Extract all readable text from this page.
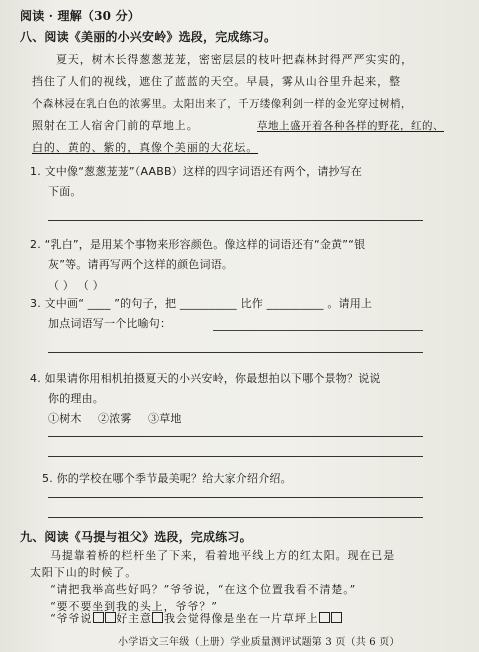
阅读 · 理解（30 分）
八、阅读《美丽的小兴安岭》选段，完成练习。
夏天，树木长得葱葱茏茏，密密层层的枝叶把森林封得严严实实的，
挡住了人们的视线，遮住了蓝蓝的天空。早晨，雾从山谷里升起来，整
个森林浸在乳白色的浓雾里。太阳出来了，千万缕像利剑一样的金光穿过树梢，
照射在工人宿舍门前的草地上。	草地上盛开着各种各样的野花，红的、
白的、黄的、紫的，真像个美丽的大花坛。
1. 文中像“葱葱茏茏”（AABB）这样的四字词语还有两个，请抄写在
下面。
2. “乳白”，是用某个事物来形容颜色。像这样的词语还有“金黄”“银
灰”等。请再写两个这样的颜色词语。
（ ） （ ）
3. 文中画“ ____ ”的句子，把 __________ 比作 __________ 。请用上
加点词语写一个比喻句：
4. 如果请你用相机拍摄夏天的小兴安岭，你最想拍以下哪个景物？说说
你的理由。
①树木 ②浓雾 ③草地
5. 你的学校在哪个季节最美呢？给大家介绍介绍。
九、阅读《马提与祖父》选段，完成练习。
马提靠着桥的栏杆坐了下来，看着地平线上方的红太阳。现在已是
太阳下山的时候了。
“请把我举高些好吗？”爷爷说，“在这个位置我看不清楚。”
“要不要坐到我的头上，爷爷？”
“爷爷说 好主意 我会觉得像是坐在一片草坪上
小学语文三年级（上册）学业质量测评试题第 3 页（共 6 页）
